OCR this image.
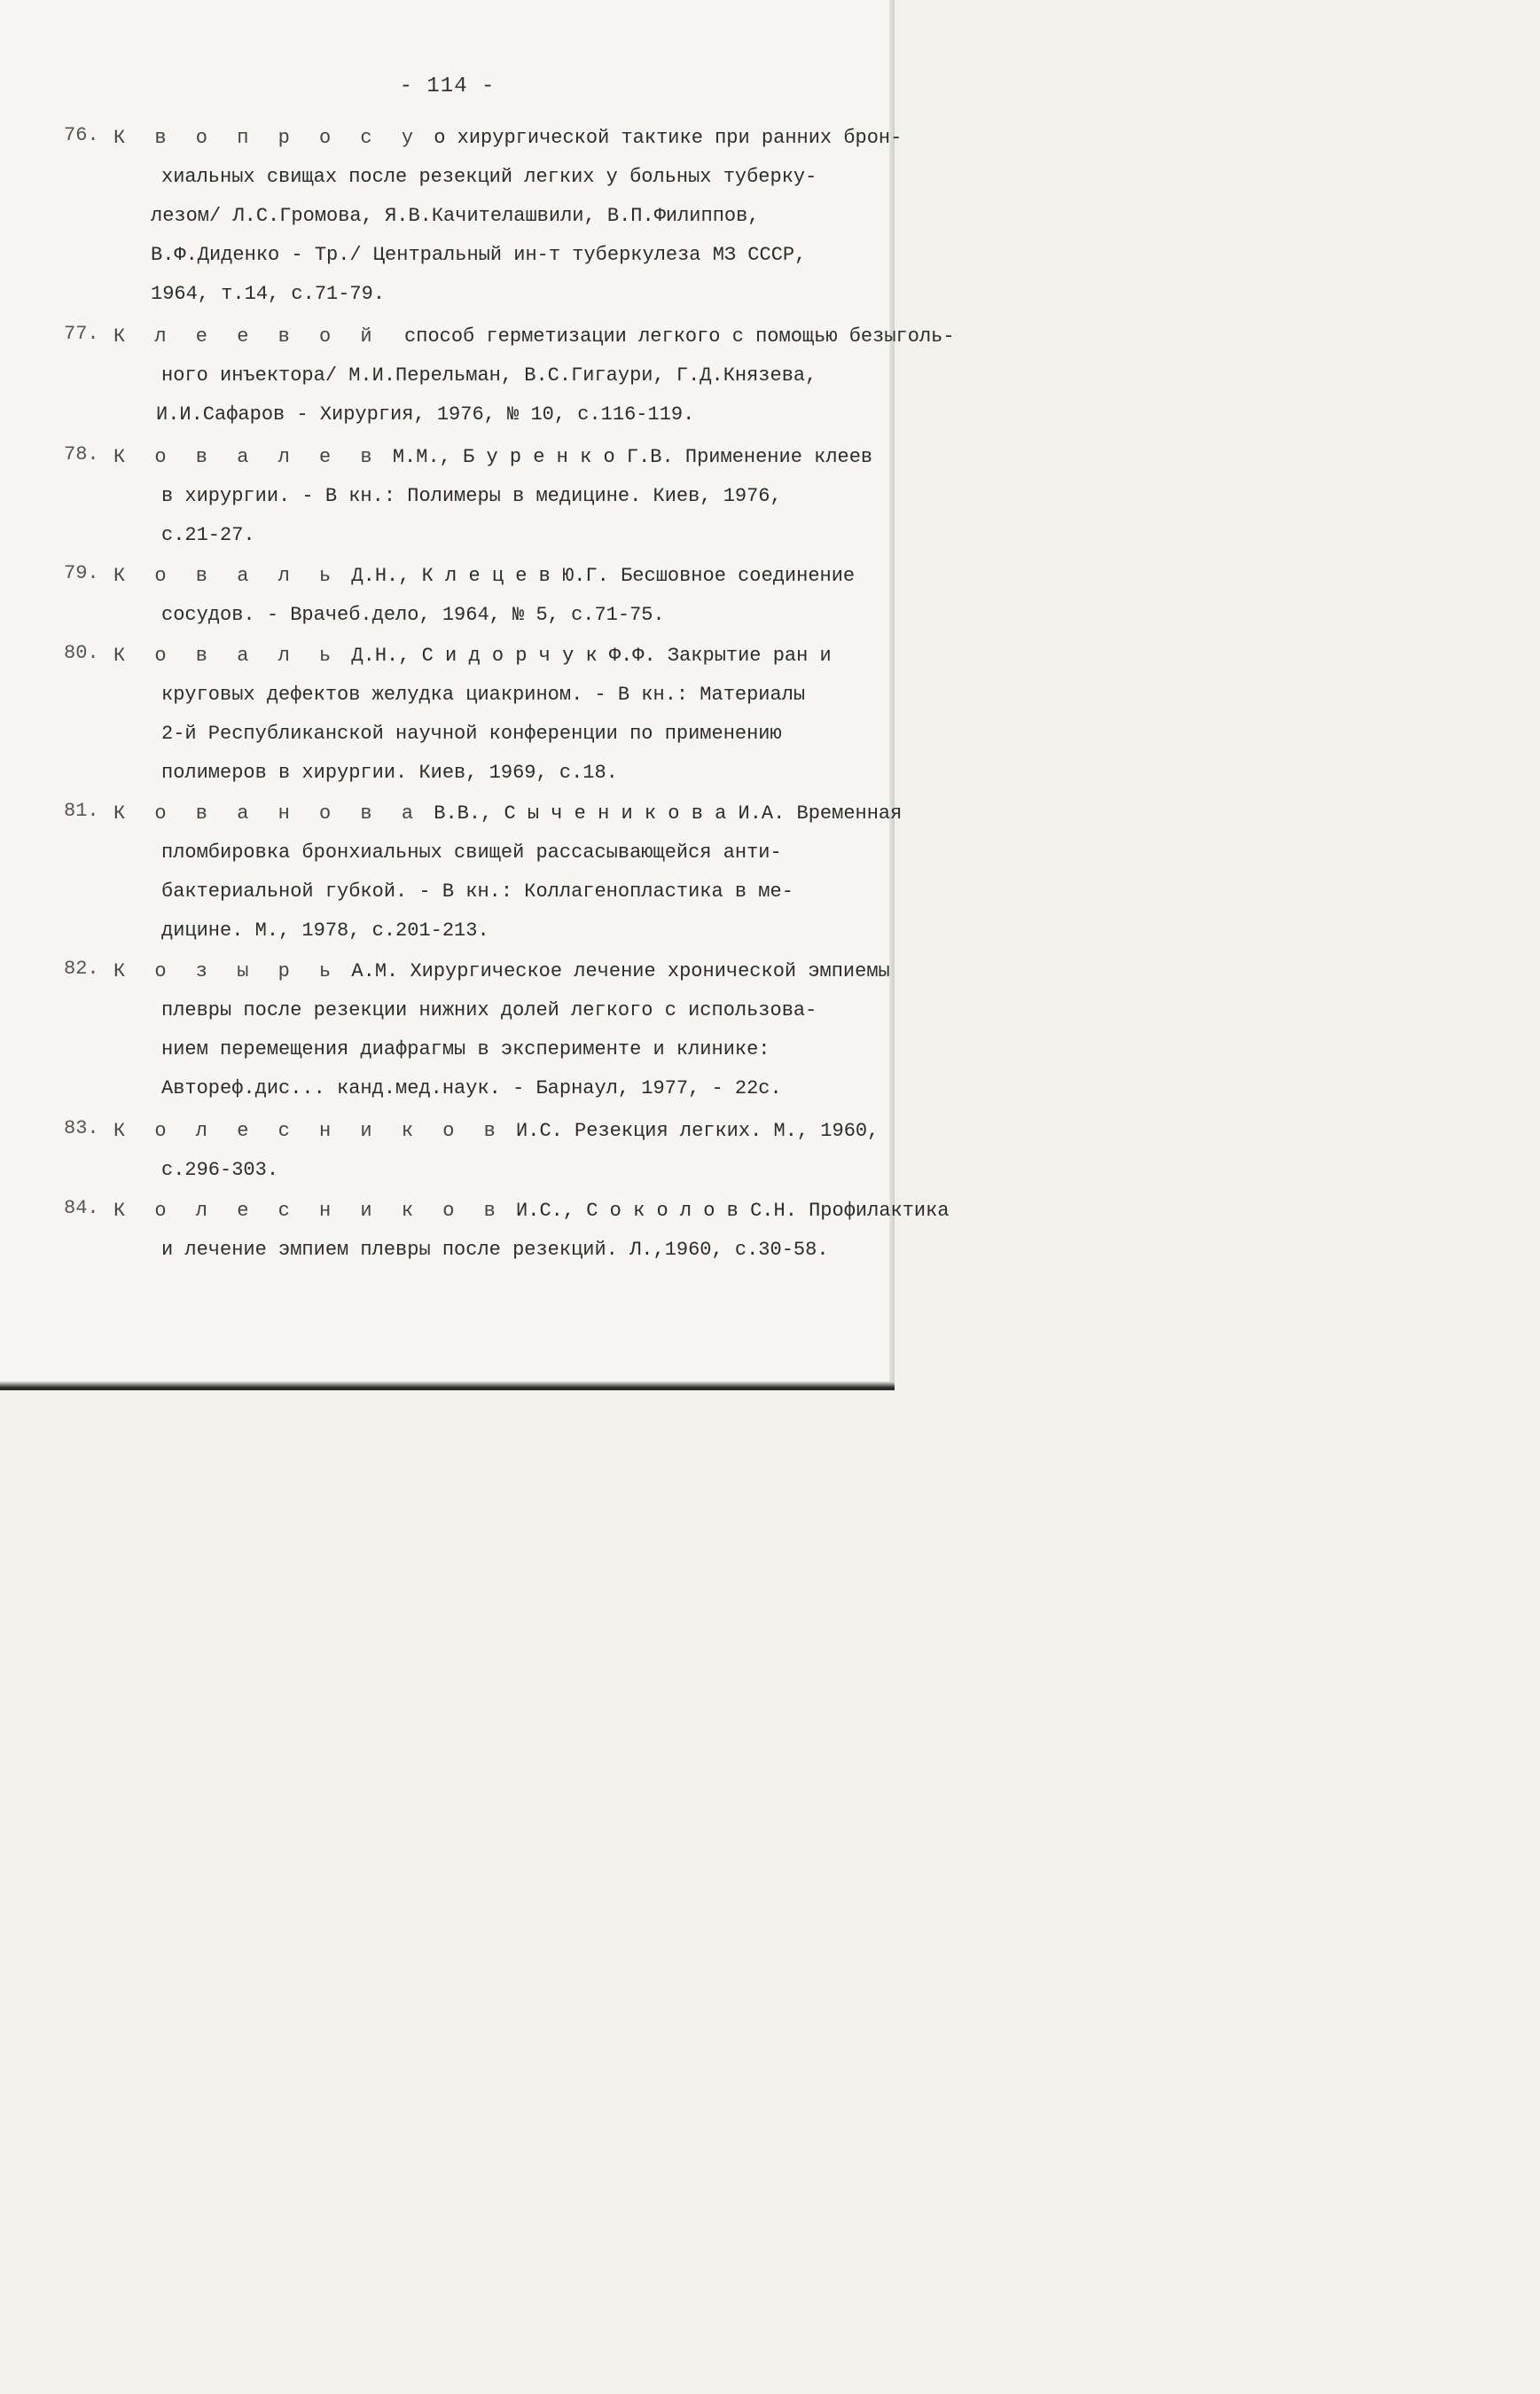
- 114 -
76. К в о п р о с у о хирургической тактике при ранних брон-
хиальных свищах после резекций легких у больных туберку-
лезом/ Л.С.Громова, Я.В.Качителашвили, В.П.Филиппов,
В.Ф.Диденко - Тр./ Центральный ин-т туберкулеза МЗ СССР,
1964, т.14, с.71-79.
77. К л е е в о й  способ герметизации легкого с помощью безыголь-
ного инъектора/ М.И.Перельман, В.С.Гигаури, Г.Д.Князева,
И.И.Сафаров - Хирургия, 1976, № 10, с.116-119.
78. К о в а л е в М.М., Б у р е н к о Г.В. Применение клеев
в хирургии. - В кн.: Полимеры в медицине. Киев, 1976,
с.21-27.
79. К о в а л ь Д.Н., К л е ц е в Ю.Г. Бесшовное соединение
сосудов. - Врачеб.дело, 1964, № 5, с.71-75.
80. К о в а л ь Д.Н., С и д о р ч у к Ф.Ф. Закрытие ран и
круговых дефектов желудка циакрином. - В кн.: Материалы
2-й Республиканской научной конференции по применению
полимеров в хирургии. Киев, 1969, с.18.
81. К о в а н о в а В.В., С ы ч е н и к о в а И.А. Временная
пломбировка бронхиальных свищей рассасывающейся анти-
бактериальной губкой. - В кн.: Коллагенопластика в ме-
дицине. М., 1978, с.201-213.
82. К о з ы р ь А.М. Хирургическое лечение хронической эмпиемы
плевры после резекции нижних долей легкого с использова-
нием перемещения диафрагмы в эксперименте и клинике:
Автореф.дис... канд.мед.наук. - Барнаул, 1977, - 22с.
83. К о л е с н и к о в И.С. Резекция легких. М., 1960,
с.296-303.
84. К о л е с н и к о в И.С., С о к о л о в С.Н. Профилактика
и лечение эмпием плевры после резекций. Л.,1960, с.30-58.
